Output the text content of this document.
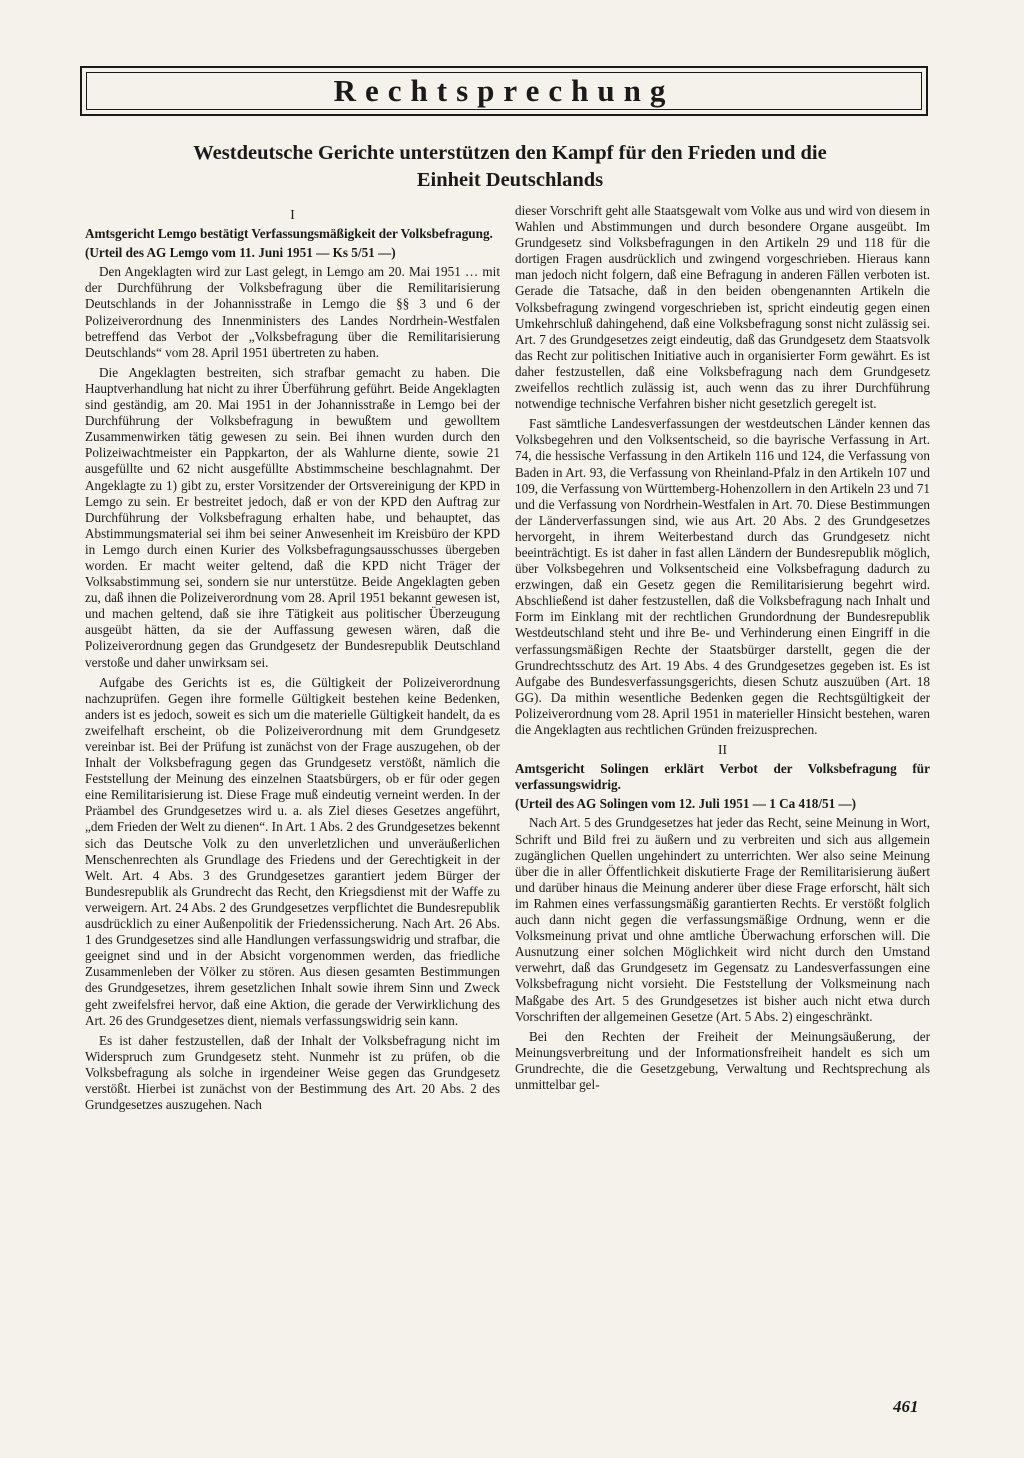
Rechtsprechung
Westdeutsche Gerichte unterstützen den Kampf für den Frieden und die
Einheit Deutschlands
I
Amtsgericht Lemgo bestätigt Verfassungsmäßigkeit der Volksbefragung.
(Urteil des AG Lemgo vom 11. Juni 1951 — Ks 5/51 —)

Den Angeklagten wird zur Last gelegt, in Lemgo am 20. Mai 1951 … mit der Durchführung der Volksbefragung über die Remilitarisierung Deutschlands in der Johannisstraße in Lemgo die §§ 3 und 6 der Polizeiverordnung des Innenministers des Landes Nordrhein-Westfalen betreffend das Verbot der „Volksbefragung über die Remilitarisierung Deutschlands“ vom 28. April 1951 übertreten zu haben.

Die Angeklagten bestreiten, sich strafbar gemacht zu haben. Die Hauptverhandlung hat nicht zu ihrer Überführung geführt. Beide Angeklagten sind geständig, am 20. Mai 1951 in der Johannisstraße in Lemgo bei der Durchführung der Volksbefragung in bewußtem und gewolltem Zusammenwirken tätig gewesen zu sein. Bei ihnen wurden durch den Polizeiwachtmeister ein Pappkarton, der als Wahlurne diente, sowie 21 ausgefüllte und 62 nicht ausgefüllte Abstimmscheine beschlagnahmt. Der Angeklagte zu 1) gibt zu, erster Vorsitzender der Ortsvereinigung der KPD in Lemgo zu sein. Er bestreitet jedoch, daß er von der KPD den Auftrag zur Durchführung der Volksbefragung erhalten habe, und behauptet, das Abstimmungsmaterial sei ihm bei seiner Anwesenheit im Kreisbüro der KPD in Lemgo durch einen Kurier des Volksbefragungsausschusses übergeben worden. Er macht weiter geltend, daß die KPD nicht Träger der Volksabstimmung sei, sondern sie nur unterstütze. Beide Angeklagten geben zu, daß ihnen die Polizeiverordnung vom 28. April 1951 bekannt gewesen ist, und machen geltend, daß sie ihre Tätigkeit aus politischer Überzeugung ausgeübt hätten, da sie der Auffassung gewesen wären, daß die Polizeiverordnung gegen das Grundgesetz der Bundesrepublik Deutschland verstoße und daher unwirksam sei.

Aufgabe des Gerichts ist es, die Gültigkeit der Polizeiverordnung nachzuprüfen. Gegen ihre formelle Gültigkeit bestehen keine Bedenken, anders ist es jedoch, soweit es sich um die materielle Gültigkeit handelt, da es zweifelhaft erscheint, ob die Polizeiverordnung mit dem Grundgesetz vereinbar ist. Bei der Prüfung ist zunächst von der Frage auszugehen, ob der Inhalt der Volksbefragung gegen das Grundgesetz verstößt, nämlich die Feststellung der Meinung des einzelnen Staatsbürgers, ob er für oder gegen eine Remilitarisierung ist. Diese Frage muß eindeutig verneint werden. In der Präambel des Grundgesetzes wird u. a. als Ziel dieses Gesetzes angeführt, „dem Frieden der Welt zu dienen“. In Art. 1 Abs. 2 des Grundgesetzes bekennt sich das Deutsche Volk zu den unverletzlichen und unveräußerlichen Menschenrechten als Grundlage des Friedens und der Gerechtigkeit in der Welt. Art. 4 Abs. 3 des Grundgesetzes garantiert jedem Bürger der Bundesrepublik als Grundrecht das Recht, den Kriegsdienst mit der Waffe zu verweigern. Art. 24 Abs. 2 des Grundgesetzes verpflichtet die Bundesrepublik ausdrücklich zu einer Außenpolitik der Friedenssicherung. Nach Art. 26 Abs. 1 des Grundgesetzes sind alle Handlungen verfassungswidrig und strafbar, die geeignet sind und in der Absicht vorgenommen werden, das friedliche Zusammenleben der Völker zu stören. Aus diesen gesamten Bestimmungen des Grundgesetzes, ihrem gesetzlichen Inhalt sowie ihrem Sinn und Zweck geht zweifelsfrei hervor, daß eine Aktion, die gerade der Verwirklichung des Art. 26 des Grundgesetzes dient, niemals verfassungswidrig sein kann.

Es ist daher festzustellen, daß der Inhalt der Volksbefragung nicht im Widerspruch zum Grundgesetz steht. Nunmehr ist zu prüfen, ob die Volksbefragung als solche in irgendeiner Weise gegen das Grundgesetz verstößt. Hierbei ist zunächst von der Bestimmung des Art. 20 Abs. 2 des Grundgesetzes auszugehen. Nach

dieser Vorschrift geht alle Staatsgewalt vom Volke aus und wird von diesem in Wahlen und Abstimmungen und durch besondere Organe ausgeübt. Im Grundgesetz sind Volksbefragungen in den Artikeln 29 und 118 für die dortigen Fragen ausdrücklich und zwingend vorgeschrieben. Hieraus kann man jedoch nicht folgern, daß eine Befragung in anderen Fällen verboten ist. Gerade die Tatsache, daß in den beiden obengenannten Artikeln die Volksbefragung zwingend vorgeschrieben ist, spricht eindeutig gegen einen Umkehrschluß dahingehend, daß eine Volksbefragung sonst nicht zulässig sei. Art. 7 des Grundgesetzes zeigt eindeutig, daß das Grundgesetz dem Staatsvolk das Recht zur politischen Initiative auch in organisierter Form gewährt. Es ist daher festzustellen, daß eine Volksbefragung nach dem Grundgesetz zweifellos rechtlich zulässig ist, auch wenn das zu ihrer Durchführung notwendige technische Verfahren bisher nicht gesetzlich geregelt ist.

Fast sämtliche Landesverfassungen der westdeutschen Länder kennen das Volksbegehren und den Volksentscheid, so die bayrische Verfassung in Art. 74, die hessische Verfassung in den Artikeln 116 und 124, die Verfassung von Baden in Art. 93, die Verfassung von Rheinland-Pfalz in den Artikeln 107 und 109, die Verfassung von Württemberg-Hohenzollern in den Artikeln 23 und 71 und die Verfassung von Nordrhein-Westfalen in Art. 70. Diese Bestimmungen der Länderverfassungen sind, wie aus Art. 20 Abs. 2 des Grundgesetzes hervorgeht, in ihrem Weiterbestand durch das Grundgesetz nicht beeinträchtigt. Es ist daher in fast allen Ländern der Bundesrepublik möglich, über Volksbegehren und Volksentscheid eine Volksbefragung dadurch zu erzwingen, daß ein Gesetz gegen die Remilitarisierung begehrt wird. Abschließend ist daher festzustellen, daß die Volksbefragung nach Inhalt und Form im Einklang mit der rechtlichen Grundordnung der Bundesrepublik Westdeutschland steht und ihre Be- und Verhinderung einen Eingriff in die verfassungsmäßigen Rechte der Staatsbürger darstellt, gegen die der Grundrechtsschutz des Art. 19 Abs. 4 des Grundgesetzes gegeben ist. Es ist Aufgabe des Bundesverfassungsgerichts, diesen Schutz auszuüben (Art. 18 GG). Da mithin wesentliche Bedenken gegen die Rechtsgültigkeit der Polizeiverordnung vom 28. April 1951 in materieller Hinsicht bestehen, waren die Angeklagten aus rechtlichen Gründen freizusprechen.

II
Amtsgericht Solingen erklärt Verbot der Volksbefragung für verfassungswidrig.
(Urteil des AG Solingen vom 12. Juli 1951 — 1 Ca 418/51 —)

Nach Art. 5 des Grundgesetzes hat jeder das Recht, seine Meinung in Wort, Schrift und Bild frei zu äußern und zu verbreiten und sich aus allgemein zugänglichen Quellen ungehindert zu unterrichten. Wer also seine Meinung über die in aller Öffentlichkeit diskutierte Frage der Remilitarisierung äußert und darüber hinaus die Meinung anderer über diese Frage erforscht, hält sich im Rahmen eines verfassungsmäßig garantierten Rechts. Er verstößt folglich auch dann nicht gegen die verfassungsmäßige Ordnung, wenn er die Volksmeinung privat und ohne amtliche Überwachung erforschen will. Die Ausnutzung einer solchen Möglichkeit wird nicht durch den Umstand verwehrt, daß das Grundgesetz im Gegensatz zu Landesverfassungen eine Volksbefragung nicht vorsieht. Die Feststellung der Volksmeinung nach Maßgabe des Art. 5 des Grundgesetzes ist bisher auch nicht etwa durch Vorschriften der allgemeinen Gesetze (Art. 5 Abs. 2) eingeschränkt.

Bei den Rechten der Freiheit der Meinungsäußerung, der Meinungsverbreitung und der Informationsfreiheit handelt es sich um Grundrechte, die die Gesetzgebung, Verwaltung und Rechtsprechung als unmittelbar gel-

461
